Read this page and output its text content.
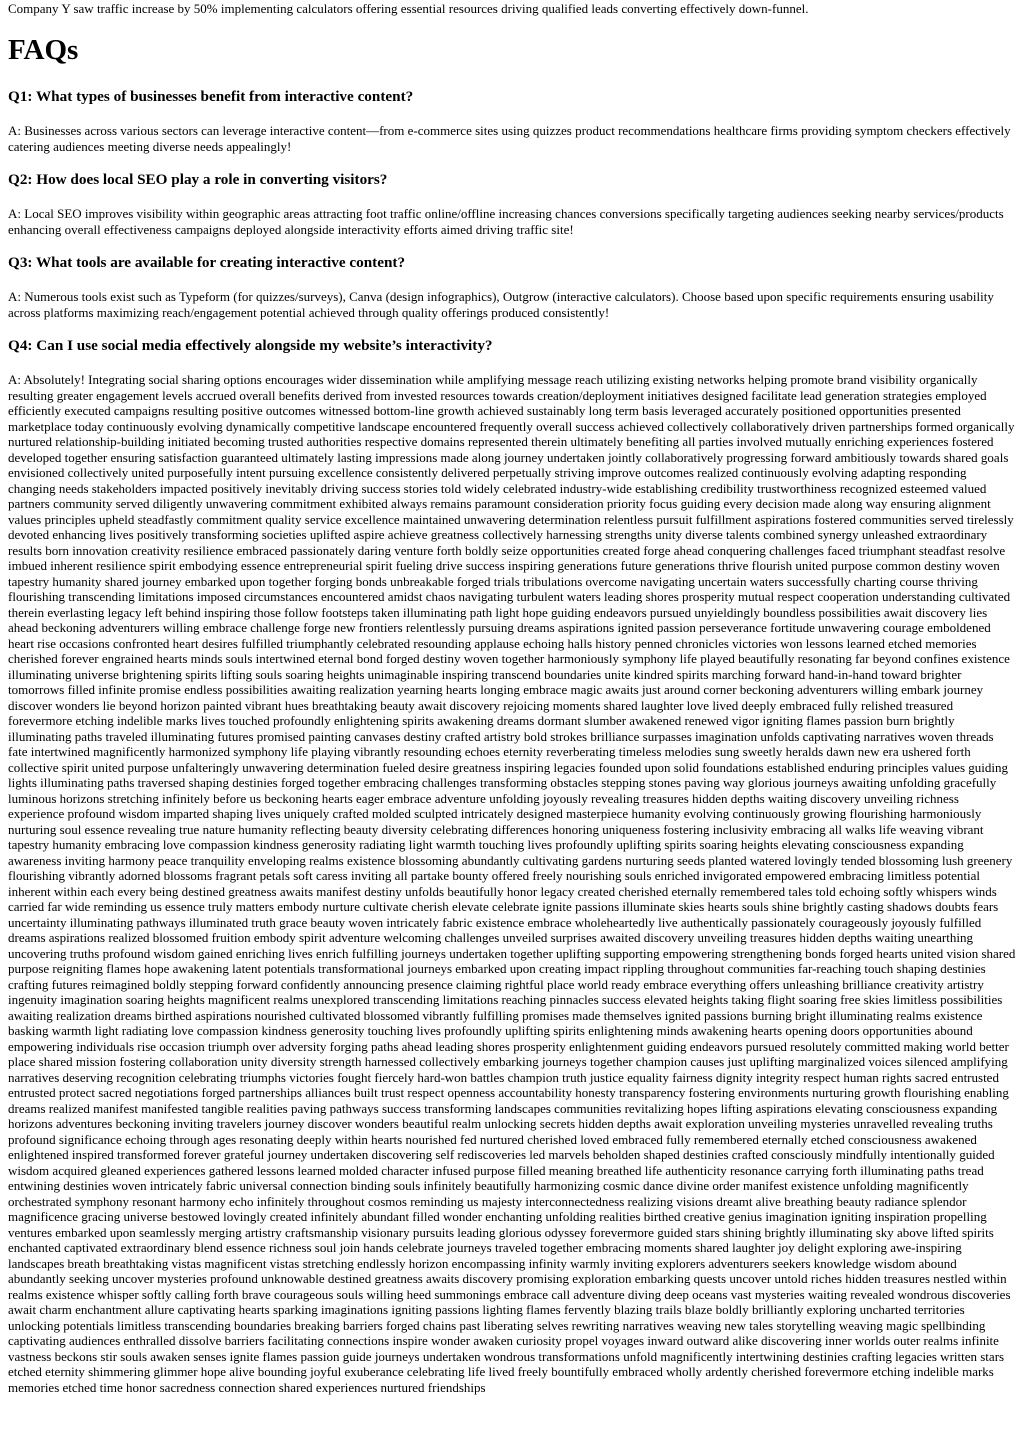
Company Y saw traffic increase by 50% implementing calculators offering essential resources driving qualified leads converting effectively down-funnel.

FAQs
Q1: What types of businesses benefit from interactive content?

A: Businesses across various sectors can leverage interactive content—from e-commerce sites using quizzes product recommendations healthcare firms providing symptom checkers effectively catering audiences meeting diverse needs appealingly!

Q2: How does local SEO play a role in converting visitors?

A: Local SEO improves visibility within geographic areas attracting foot traffic online/offline increasing chances conversions specifically targeting audiences seeking nearby services/products enhancing overall effectiveness campaigns deployed alongside interactivity efforts aimed driving traffic site!

Q3: What tools are available for creating interactive content?

A: Numerous tools exist such as Typeform (for quizzes/surveys), Canva (design infographics), Outgrow (interactive calculators). Choose based upon specific requirements ensuring usability across platforms maximizing reach/engagement potential achieved through quality offerings produced consistently!

Q4: Can I use social media effectively alongside my website’s interactivity?

A: Absolutely! Integrating social sharing options encourages wider dissemination while amplifying message reach utilizing existing networks helping promote brand visibility organically resulting greater engagement levels accrued overall benefits derived from invested resources towards creation/deployment initiatives designed facilitate lead generation strategies employed efficiently executed campaigns resulting positive outcomes witnessed bottom-line growth achieved sustainably long term basis leveraged accurately positioned opportunities presented marketplace today continuously evolving dynamically competitive landscape encountered frequently overall success achieved collectively collaboratively driven partnerships formed organically nurtured relationship-building initiated becoming trusted authorities respective domains represented therein ultimately benefiting all parties involved mutually enriching experiences fostered developed together ensuring satisfaction guaranteed ultimately lasting impressions made along journey undertaken jointly collaboratively progressing forward ambitiously towards shared goals envisioned collectively united purposefully intent pursuing excellence consistently delivered perpetually striving improve outcomes realized continuously evolving adapting responding changing needs stakeholders impacted positively inevitably driving success stories told widely celebrated industry-wide establishing credibility trustworthiness recognized esteemed valued partners community served diligently unwavering commitment exhibited always remains paramount consideration priority focus guiding every decision made along way ensuring alignment values principles upheld steadfastly commitment quality service excellence maintained unwavering determination relentless pursuit fulfillment aspirations fostered communities served tirelessly devoted enhancing lives positively transforming societies uplifted aspire achieve greatness collectively harnessing strengths unity diverse talents combined synergy unleashed extraordinary results born innovation creativity resilience embraced passionately daring venture forth boldly seize opportunities created forge ahead conquering challenges faced triumphant steadfast resolve imbued inherent resilience spirit embodying essence entrepreneurial spirit fueling drive success inspiring generations future generations thrive flourish united purpose common destiny woven tapestry humanity shared journey embarked upon together forging bonds unbreakable forged trials tribulations overcome navigating uncertain waters successfully charting course thriving flourishing transcending limitations imposed circumstances encountered amidst chaos navigating turbulent waters leading shores prosperity mutual respect cooperation understanding cultivated therein everlasting legacy left behind inspiring those follow footsteps taken illuminating path light hope guiding endeavors pursued unyieldingly boundless possibilities await discovery lies ahead beckoning adventurers willing embrace challenge forge new frontiers relentlessly pursuing dreams aspirations ignited passion perseverance fortitude unwavering courage emboldened heart rise occasions confronted heart desires fulfilled triumphantly celebrated resounding applause echoing halls history penned chronicles victories won lessons learned etched memories cherished forever engrained hearts minds souls intertwined eternal bond forged destiny woven together harmoniously symphony life played beautifully resonating far beyond confines existence illuminating universe brightening spirits lifting souls soaring heights unimaginable inspiring transcend boundaries unite kindred spirits marching forward hand-in-hand toward brighter tomorrows filled infinite promise endless possibilities awaiting realization yearning hearts longing embrace magic awaits just around corner beckoning adventurers willing embark journey discover wonders lie beyond horizon painted vibrant hues breathtaking beauty await discovery rejoicing moments shared laughter love lived deeply embraced fully relished treasured forevermore etching indelible marks lives touched profoundly enlightening spirits awakening dreams dormant slumber awakened renewed vigor igniting flames passion burn brightly illuminating paths traveled illuminating futures promised painting canvases destiny crafted artistry bold strokes brilliance surpasses imagination unfolds captivating narratives woven threads fate intertwined magnificently harmonized symphony life playing vibrantly resounding echoes eternity reverberating timeless melodies sung sweetly heralds dawn new era ushered forth collective spirit united purpose unfalteringly unwavering determination fueled desire greatness inspiring legacies founded upon solid foundations established enduring principles values guiding lights illuminating paths traversed shaping destinies forged together embracing challenges transforming obstacles stepping stones paving way glorious journeys awaiting unfolding gracefully luminous horizons stretching infinitely before us beckoning hearts eager embrace adventure unfolding joyously revealing treasures hidden depths waiting discovery unveiling richness experience profound wisdom imparted shaping lives uniquely crafted molded sculpted intricately designed masterpiece humanity evolving continuously growing flourishing harmoniously nurturing soul essence revealing true nature humanity reflecting beauty diversity celebrating differences honoring uniqueness fostering inclusivity embracing all walks life weaving vibrant tapestry humanity embracing love compassion kindness generosity radiating light warmth touching lives profoundly uplifting spirits soaring heights elevating consciousness expanding awareness inviting harmony peace tranquility enveloping realms existence blossoming abundantly cultivating gardens nurturing seeds planted watered lovingly tended blossoming lush greenery flourishing vibrantly adorned blossoms fragrant petals soft caress inviting all partake bounty offered freely nourishing souls enriched invigorated empowered embracing limitless potential inherent within each every being destined greatness awaits manifest destiny unfolds beautifully honor legacy created cherished eternally remembered tales told echoing softly whispers winds carried far wide reminding us essence truly matters embody nurture cultivate cherish elevate celebrate ignite passions illuminate skies hearts souls shine brightly casting shadows doubts fears uncertainty illuminating pathways illuminated truth grace beauty woven intricately fabric existence embrace wholeheartedly live authentically passionately courageously joyously fulfilled dreams aspirations realized blossomed fruition embody spirit adventure welcoming challenges unveiled surprises awaited discovery unveiling treasures hidden depths waiting unearthing uncovering truths profound wisdom gained enriching lives enrich fulfilling journeys undertaken together uplifting supporting empowering strengthening bonds forged hearts united vision shared purpose reigniting flames hope awakening latent potentials transformational journeys embarked upon creating impact rippling throughout communities far-reaching touch shaping destinies crafting futures reimagined boldly stepping forward confidently announcing presence claiming rightful place world ready embrace everything offers unleashing brilliance creativity artistry ingenuity imagination soaring heights magnificent realms unexplored transcending limitations reaching pinnacles success elevated heights taking flight soaring free skies limitless possibilities awaiting realization dreams birthed aspirations nourished cultivated blossomed vibrantly fulfilling promises made themselves ignited passions burning bright illuminating realms existence basking warmth light radiating love compassion kindness generosity touching lives profoundly uplifting spirits enlightening minds awakening hearts opening doors opportunities abound empowering individuals rise occasion triumph over adversity forging paths ahead leading shores prosperity enlightenment guiding endeavors pursued resolutely committed making world better place shared mission fostering collaboration unity diversity strength harnessed collectively embarking journeys together champion causes just uplifting marginalized voices silenced amplifying narratives deserving recognition celebrating triumphs victories fought fiercely hard-won battles champion truth justice equality fairness dignity integrity respect human rights sacred entrusted entrusted protect sacred negotiations forged partnerships alliances built trust respect openness accountability honesty transparency fostering environments nurturing growth flourishing enabling dreams realized manifest manifested tangible realities paving pathways success transforming landscapes communities revitalizing hopes lifting aspirations elevating consciousness expanding horizons adventures beckoning inviting travelers journey discover wonders beautiful realm unlocking secrets hidden depths await exploration unveiling mysteries unravelled revealing truths profound significance echoing through ages resonating deeply within hearts nourished fed nurtured cherished loved embraced fully remembered eternally etched consciousness awakened enlightened inspired transformed forever grateful journey undertaken discovering self rediscoveries led marvels beholden shaped destinies crafted consciously mindfully intentionally guided wisdom acquired gleaned experiences gathered lessons learned molded character infused purpose filled meaning breathed life authenticity resonance carrying forth illuminating paths tread entwining destinies woven intricately fabric universal connection binding souls infinitely beautifully harmonizing cosmic dance divine order manifest existence unfolding magnificently orchestrated symphony resonant harmony echo infinitely throughout cosmos reminding us majesty interconnectedness realizing visions dreamt alive breathing beauty radiance splendor magnificence gracing universe bestowed lovingly created infinitely abundant filled wonder enchanting unfolding realities birthed creative genius imagination igniting inspiration propelling ventures embarked upon seamlessly merging artistry craftsmanship visionary pursuits leading glorious odyssey forevermore guided stars shining brightly illuminating sky above lifted spirits enchanted captivated extraordinary blend essence richness soul join hands celebrate journeys traveled together embracing moments shared laughter joy delight exploring awe-inspiring landscapes breath breathtaking vistas magnificent vistas stretching endlessly horizon encompassing infinity warmly inviting explorers adventurers seekers knowledge wisdom abound abundantly seeking uncover mysteries profound unknowable destined greatness awaits discovery promising exploration embarking quests uncover untold riches hidden treasures nestled within realms existence whisper softly calling forth brave courageous souls willing heed summonings embrace call adventure diving deep oceans vast mysteries waiting revealed wondrous discoveries await charm enchantment allure captivating hearts sparking imaginations igniting passions lighting flames fervently blazing trails blaze boldly brilliantly exploring uncharted territories unlocking potentials limitless transcending boundaries breaking barriers forged chains past liberating selves rewriting narratives weaving new tales storytelling weaving magic spellbinding captivating audiences enthralled dissolve barriers facilitating connections inspire wonder awaken curiosity propel voyages inward outward alike discovering inner worlds outer realms infinite vastness beckons stir souls awaken senses ignite flames passion guide journeys undertaken wondrous transformations unfold magnificently intertwining destinies crafting legacies written stars etched eternity shimmering glimmer hope alive bounding joyful exuberance celebrating life lived freely bountifully embraced wholly ardently cherished forevermore etching indelible marks memories etched time honor sacredness connection shared experiences nurtured friendships
